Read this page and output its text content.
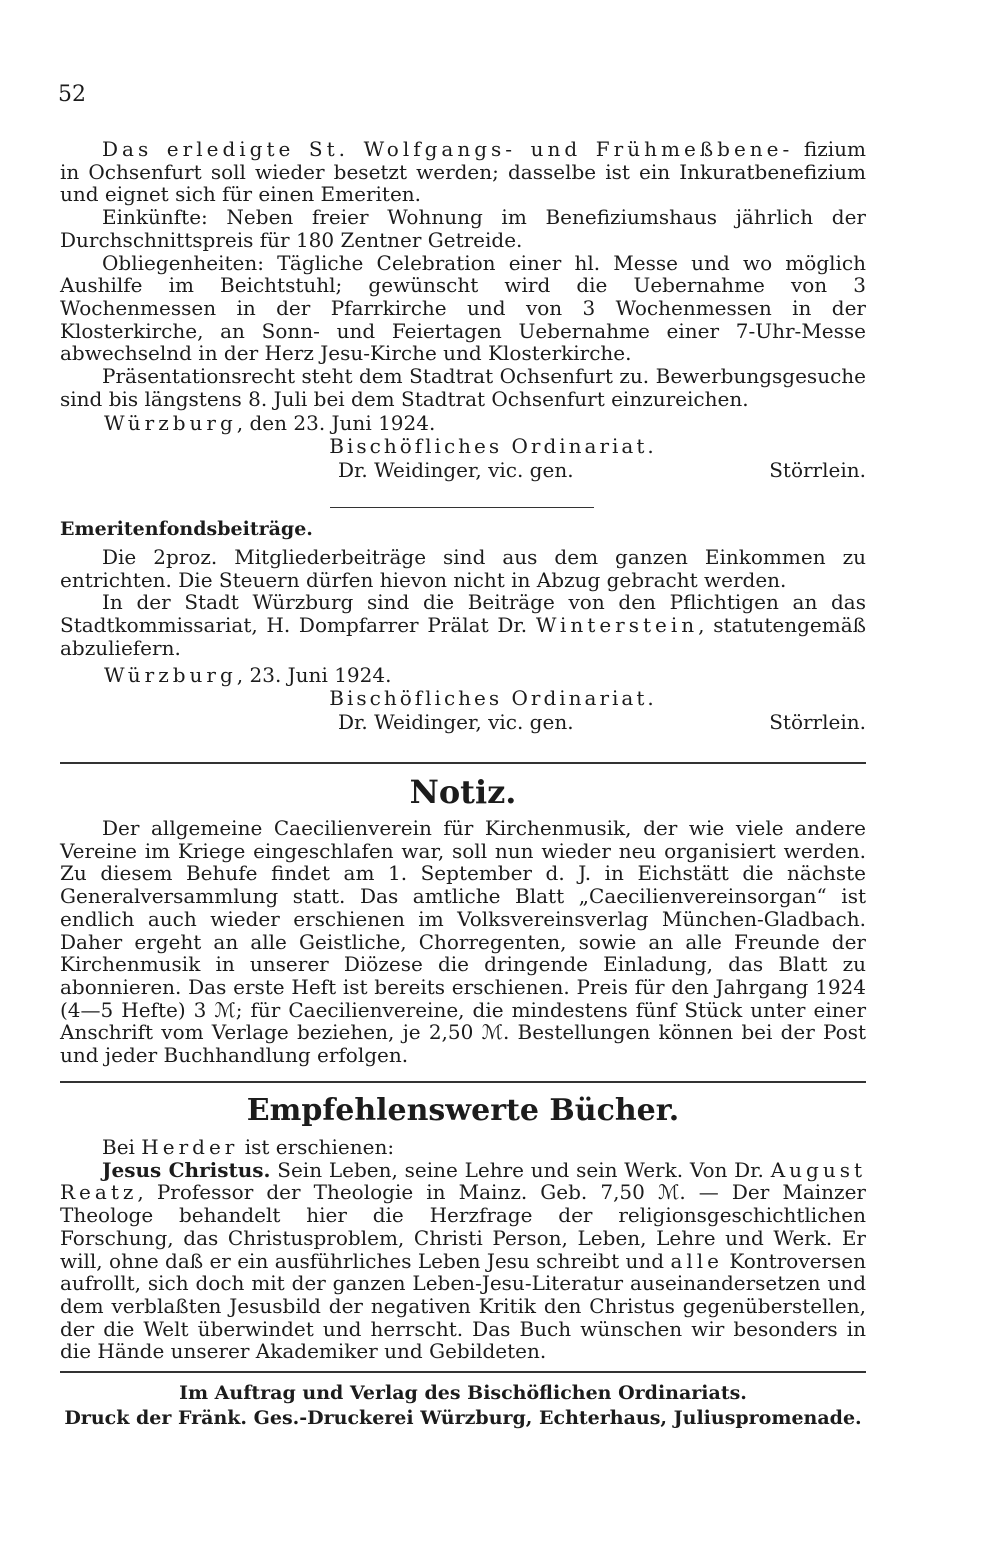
52

Das erledigte St. Wolfgangs- und Frühmeßbene- fizium in Ochsenfurt soll wieder besetzt werden; dasselbe ist ein Inkuratbenefizium und eignet sich für einen Emeriten.

Einkünfte: Neben freier Wohnung im Benefiziumshaus jährlich der Durchschnittspreis für 180 Zentner Getreide.

Obliegenheiten: Tägliche Celebration einer hl. Messe und wo möglich Aushilfe im Beichtstuhl; gewünscht wird die Uebernahme von 3 Wochenmessen in der Pfarrkirche und von 3 Wochenmessen in der Klosterkirche, an Sonn- und Feiertagen Uebernahme einer 7-Uhr-Messe abwechselnd in der Herz Jesu-Kirche und Klosterkirche.

Präsentationsrecht steht dem Stadtrat Ochsenfurt zu. Bewerbungsgesuche sind bis längstens 8. Juli bei dem Stadtrat Ochsenfurt einzureichen.

Würzburg, den 23. Juni 1924.

Bischöfliches Ordinariat.

Dr. Weidinger, vic. gen.	Störrlein.

Emeritenfondsbeiträge.

Die 2proz. Mitgliederbeiträge sind aus dem ganzen Einkommen zu entrichten. Die Steuern dürfen hievon nicht in Abzug gebracht werden.

In der Stadt Würzburg sind die Beiträge von den Pflichtigen an das Stadtkommissariat, H. Dompfarrer Prälat Dr. Winterstein, statutengemäß abzuliefern.

Würzburg, 23. Juni 1924.

Bischöfliches Ordinariat.

Dr. Weidinger, vic. gen.	Störrlein.
Notiz.

Der allgemeine Caecilienverein für Kirchenmusik, der wie viele andere Vereine im Kriege eingeschlafen war, soll nun wieder neu organisiert werden. Zu diesem Behufe findet am 1. September d. J. in Eichstätt die nächste Generalversammlung statt. Das amtliche Blatt „Caecilienvereinsorgan“ ist endlich auch wieder erschienen im Volksvereinsverlag München-Gladbach. Daher ergeht an alle Geistliche, Chorregenten, sowie an alle Freunde der Kirchenmusik in unserer Diözese die dringende Einladung, das Blatt zu abonnieren. Das erste Heft ist bereits erschienen. Preis für den Jahrgang 1924 (4—5 Hefte) 3 ℳ; für Caecilienvereine, die mindestens fünf Stück unter einer Anschrift vom Verlage beziehen, je 2,50 ℳ. Bestellungen können bei der Post und jeder Buchhandlung erfolgen.

Empfehlenswerte Bücher.

Bei Herder ist erschienen:

Jesus Christus. Sein Leben, seine Lehre und sein Werk. Von Dr. August Reatz, Professor der Theologie in Mainz. Geb. 7,50 ℳ. — Der Mainzer Theologe behandelt hier die Herzfrage der religionsgeschichtlichen Forschung, das Christusproblem, Christi Person, Leben, Lehre und Werk. Er will, ohne daß er ein ausführliches Leben Jesu schreibt und alle Kontroversen aufrollt, sich doch mit der ganzen Leben-Jesu-Literatur auseinandersetzen und dem verblaßten Jesusbild der negativen Kritik den Christus gegenüberstellen, der die Welt überwindet und herrscht. Das Buch wünschen wir besonders in die Hände unserer Akademiker und Gebildeten.

Im Auftrag und Verlag des Bischöflichen Ordinariats.

Druck der Fränk. Ges.-Druckerei Würzburg, Echterhaus, Juliuspromenade.
